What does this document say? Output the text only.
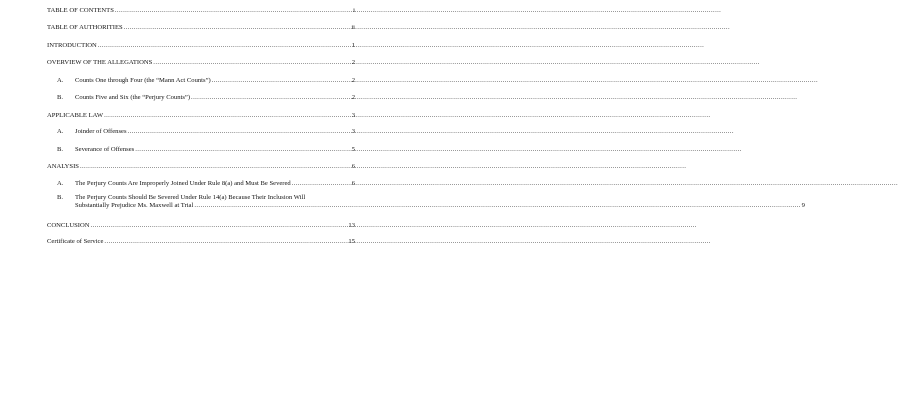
TABLE OF CONTENTS .....	i
TABLE OF AUTHORITIES .....	ii
INTRODUCTION .....	1
OVERVIEW OF THE ALLEGATIONS .....	2
A.	Counts One through Four (the “Mann Act Counts”) .....	2
B.	Counts Five and Six (the “Perjury Counts”) .....	2
APPLICABLE LAW .....	3
A.	Joinder of Offenses .....	3
B.	Severance of Offenses .....	5
ANALYSIS .....	6
A.	The Perjury Counts Are Improperly Joined Under Rule 8(a) and Must Be Severed .....	6
B.	The Perjury Counts Should Be Severed Under Rule 14(a) Because Their Inclusion Will
Substantially Prejudice Ms. Maxwell at Trial .....	9
CONCLUSION .....	13
Certificate of Service .....	15
